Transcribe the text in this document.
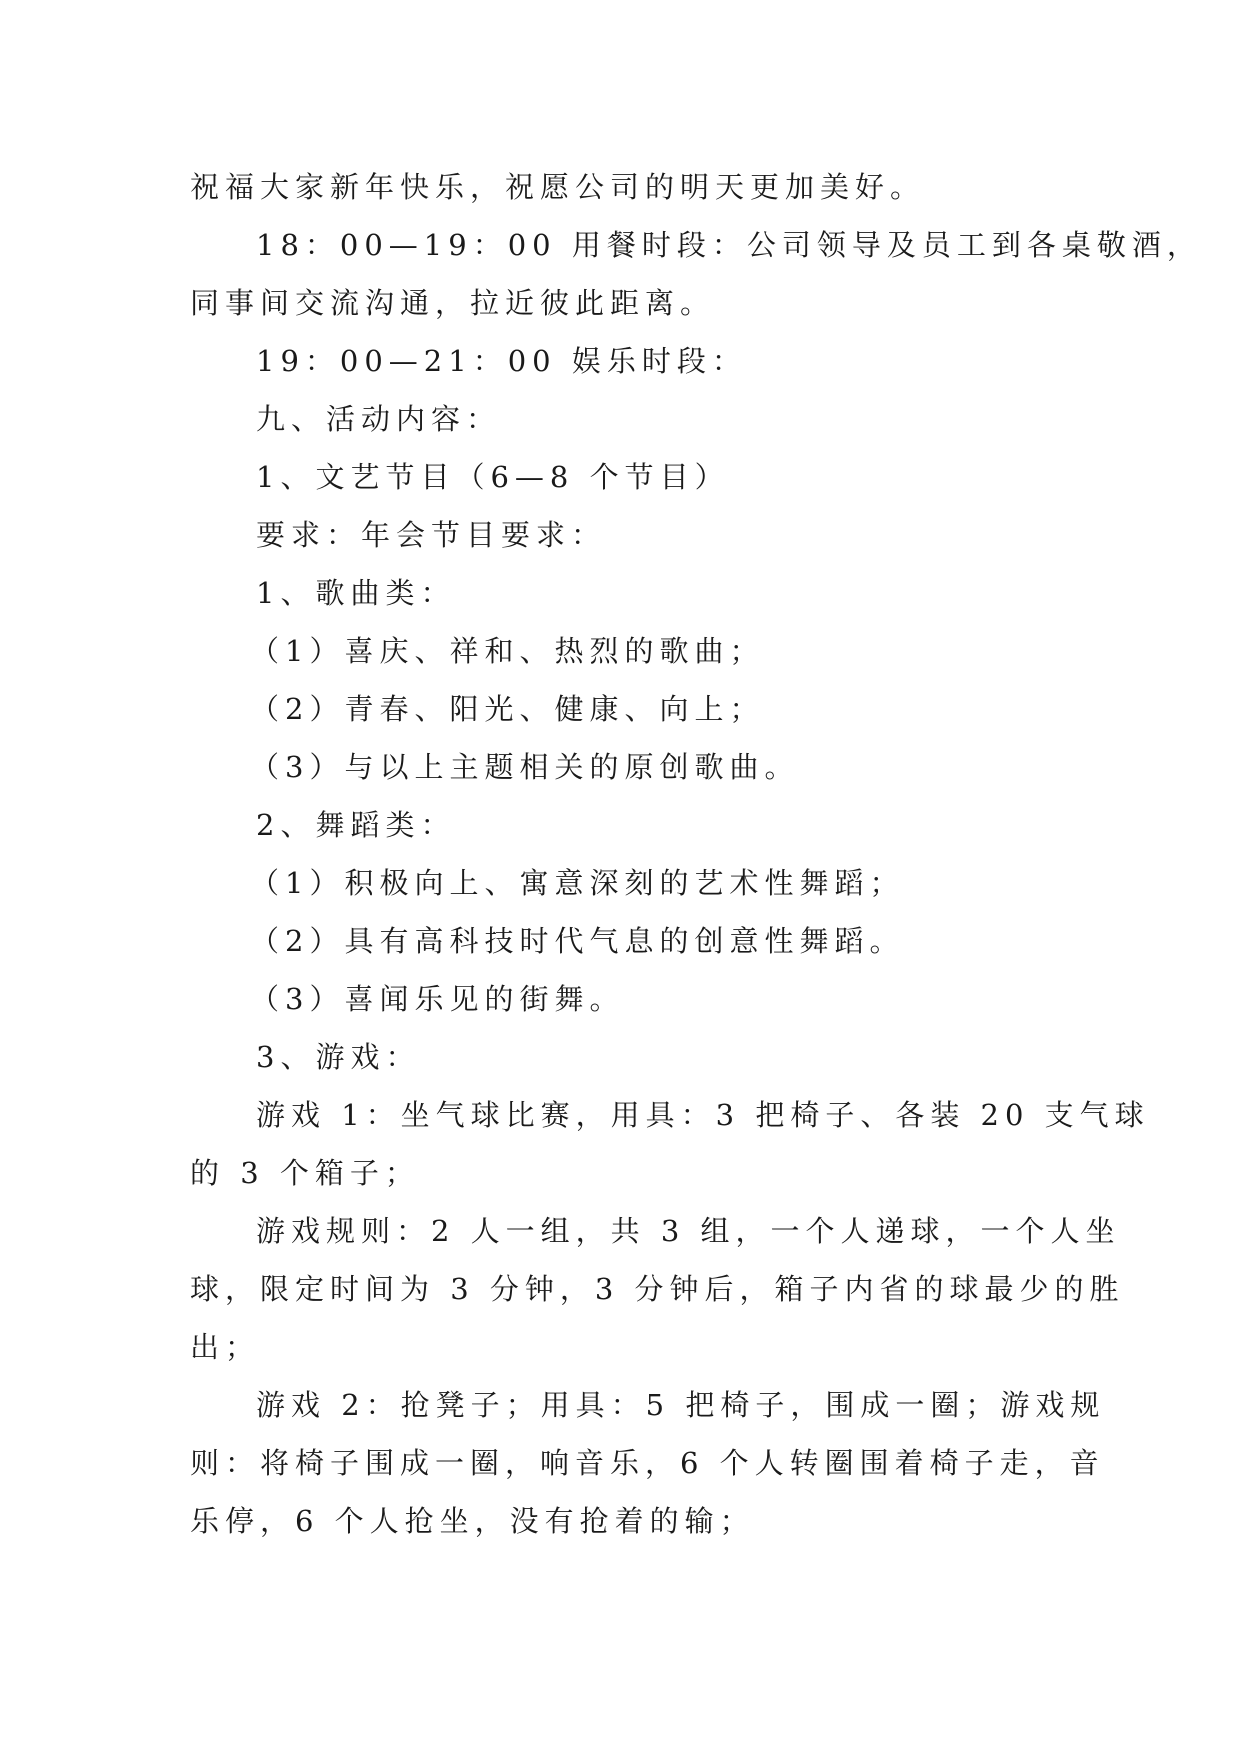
祝福大家新年快乐，祝愿公司的明天更加美好。
18：00—19：00 用餐时段：公司领导及员工到各桌敬酒，
同事间交流沟通，拉近彼此距离。
19：00—21：00 娱乐时段：
九、活动内容：
1、文艺节目（6—8 个节目）
要求：年会节目要求：
1、歌曲类：
（1）喜庆、祥和、热烈的歌曲；
（2）青春、阳光、健康、向上；
（3）与以上主题相关的原创歌曲。
2、舞蹈类：
（1）积极向上、寓意深刻的艺术性舞蹈；
（2）具有高科技时代气息的创意性舞蹈。
（3）喜闻乐见的街舞。
3、游戏：
游戏 1：坐气球比赛，用具：3 把椅子、各装 20 支气球
的 3 个箱子；
游戏规则：2 人一组，共 3 组，一个人递球，一个人坐
球，限定时间为 3 分钟，3 分钟后，箱子内省的球最少的胜
出；
游戏 2：抢凳子；用具：5 把椅子，围成一圈；游戏规
则：将椅子围成一圈，响音乐，6 个人转圈围着椅子走，音
乐停，6 个人抢坐，没有抢着的输；
